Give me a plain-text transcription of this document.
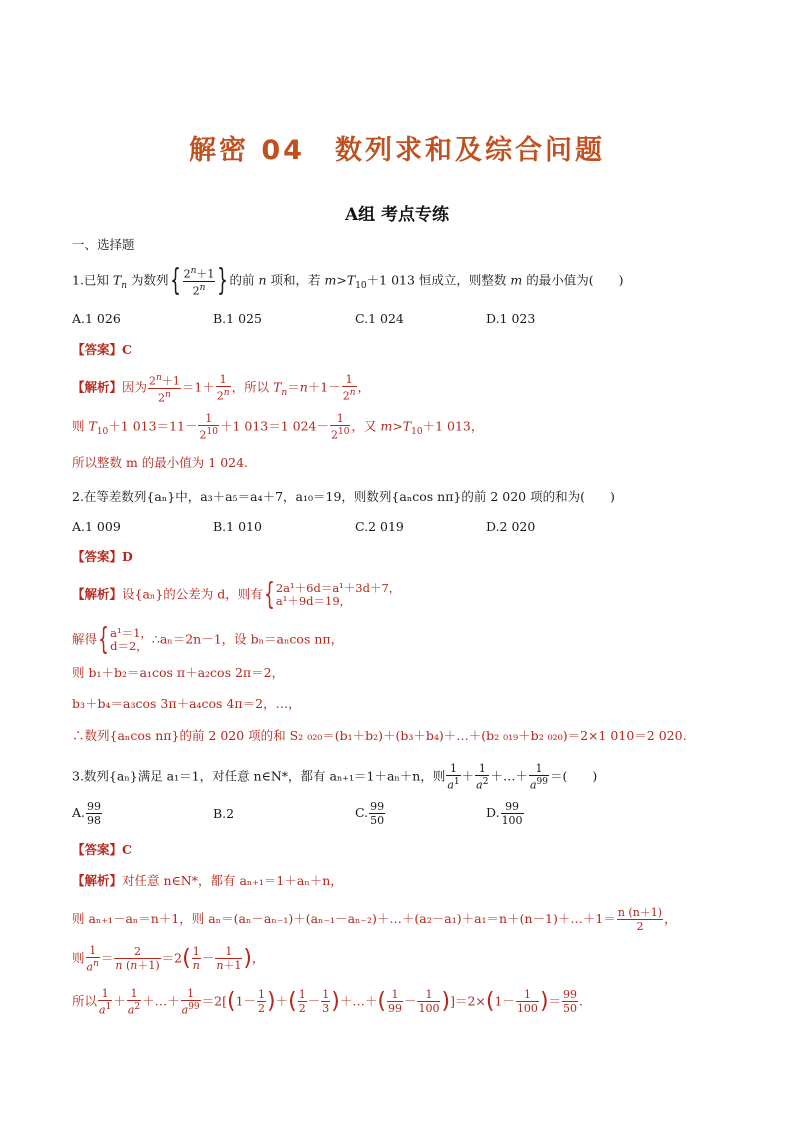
解密 04　数列求和及综合问题
A组 考点专练
一、选择题
1.已知 $T_n$ 为数列{ $\frac{2^n+1}{2^n}$ }的前 n 项和，若 $m>T_{10}+1$ 013 恒成立，则整数 m 的最小值为(　　)
A.1 026	B.1 025	C.1 024	D.1 023
【答案】C
【解析】因为 $\frac{2^n+1}{2^n} =1+ \frac{1}{2^n}$ ，所以 $T_n=n+1- \frac{1}{2^n}$ ，
则 $T_{10}+1$ $013=11- \frac{1}{2^{10}} +1$ 013＝1 $024- \frac{1}{2^{10}}$ ，又 $m>T_{10}+1$ 013，
所以整数 m 的最小值为 1 024.
2.在等差数列{aₙ}中，a₃＋a₅＝a₄＋7，a₁₀＝19，则数列{aₙcos nπ}的前 2 020 项的和为(　　)
A.1 009	B.1 010	C.2 019	D.2 020
【答案】D
【解析】设{aₙ}的公差为 d，则有{ 2a¹＋6d＝a¹＋3d＋7，
a¹＋9d＝19，
解得{ a¹＝1，
d＝2， ∴aₙ＝2n－1，设 bₙ＝aₙcos nπ，
则 b₁＋b₂＝a₁cos π＋a₂cos 2π＝2，
b₃＋b₄＝a₃cos 3π＋a₄cos 4π＝2，…，
∴数列{aₙcos nπ}的前 2 020 项的和 S₂ ₀₂₀＝(b₁＋b₂)＋(b₃＋b₄)＋…＋(b₂ ₀₁₉＋b₂ ₀₂₀)＝2×1 010＝2 020.
3.数列{aₙ}满足 a₁＝1，对任意 n∈N*，都有 aₙ₊₁＝1＋aₙ＋n，则 $\frac{1}{a^1} + \frac{1}{a^2}$ ＋…＋ $\frac{1}{a^{99}}$ ＝(　　)
A. $\frac{99}{98}$	B.2	C. $\frac{99}{50}$	D. $\frac{99}{100}$
【答案】C
【解析】对任意 n∈N*，都有 aₙ₊₁＝1＋aₙ＋n，
则 aₙ₊₁－aₙ＝n＋1，则 aₙ＝(aₙ－aₙ₋₁)＋(aₙ₋₁－aₙ₋₂)＋…＋(a₂－a₁)＋a₁＝n＋(n－1)＋…＋1＝ $\frac{n (n+1)}{2}$ ，
则 $\frac{1}{a^n} = \frac{2}{n (n+1)} =2( \frac{1}{n} - \frac{1}{n+1}$ )，
所以 $\frac{1}{a^1} + \frac{1}{a^2}$ ＋…＋ $\frac{1}{a^{99}} =2[(1- \frac{1}{2}$ )＋( $\frac{1}{2} - \frac{1}{3}$ )＋…＋( $\frac{1}{99} - \frac{1}{100} )]=2\times(1- \frac{1}{100}$ )＝ $\frac{99}{50}$ .
